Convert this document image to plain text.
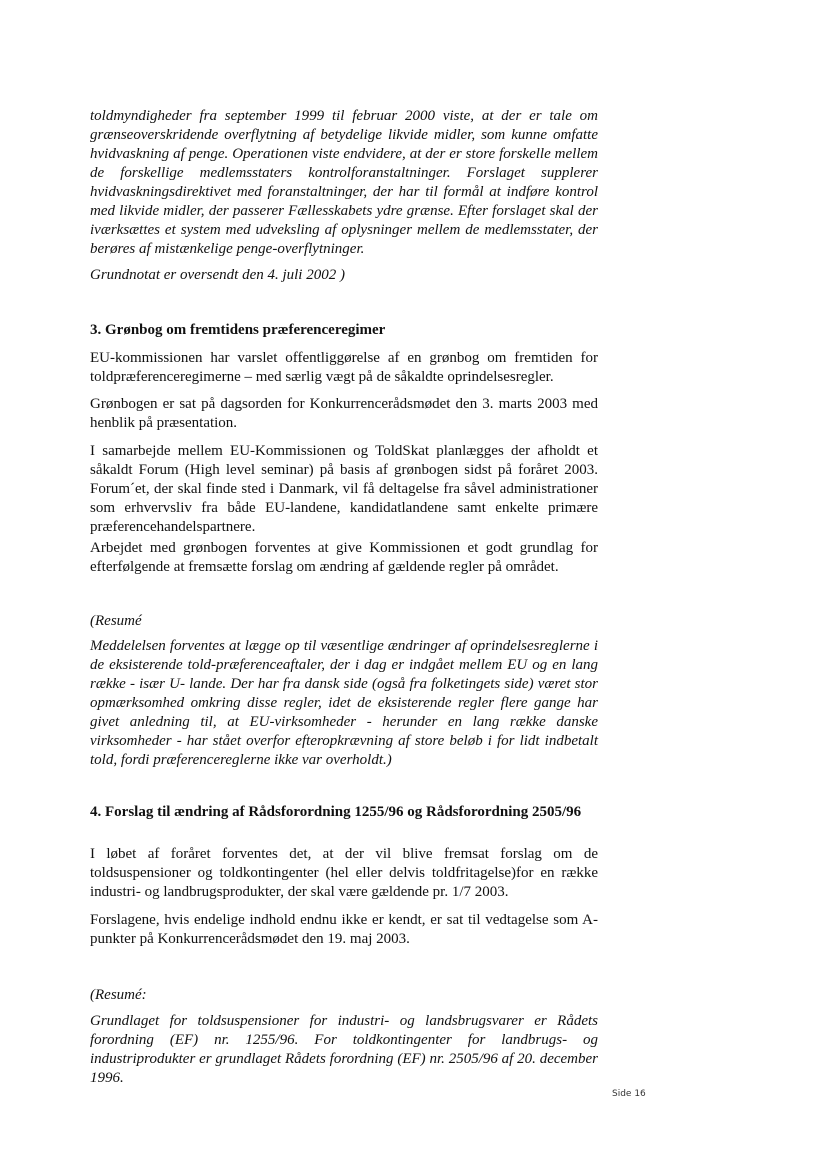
toldmyndigheder fra september 1999 til februar 2000 viste, at der er tale om grænseoverskridende overflytning af betydelige likvide midler, som kunne omfatte hvidvaskning af penge. Operationen viste endvidere, at der er store forskelle mellem de forskellige medlemsstaters kontrolforanstaltninger. Forslaget supplerer hvidvaskningsdirektivet med foranstaltninger, der har til formål at indføre kontrol med likvide midler, der passerer Fællesskabets ydre grænse. Efter forslaget skal der iværksættes et system med udveksling af oplysninger mellem de medlemsstater, der berøres af mistænkelige penge-overflytninger.

Grundnotat er oversendt den 4. juli 2002 )

3. Grønbog om fremtidens præferenceregimer

EU-kommissionen har varslet offentliggørelse af en grønbog om fremtiden for toldpræferenceregimerne – med særlig vægt på de såkaldte oprindelsesregler.

Grønbogen er sat på dagsorden for Konkurrencerådsmødet den 3. marts 2003 med henblik på præsentation.

I samarbejde mellem EU-Kommissionen og ToldSkat planlægges der afholdt et såkaldt Forum (High level seminar) på basis af grønbogen sidst på foråret 2003. Forum´et, der skal finde sted i Danmark, vil få deltagelse fra såvel administrationer som erhvervsliv fra både EU-landene, kandidatlandene samt enkelte primære præferencehandelspartnere.

Arbejdet med grønbogen forventes at give Kommissionen et godt grundlag for efterfølgende at fremsætte forslag om ændring af gældende regler på området.

(Resumé

Meddelelsen forventes at lægge op til væsentlige ændringer af oprindelsesreglerne i de eksisterende told-præferenceaftaler, der i dag er indgået mellem EU og en lang række - især U- lande. Der har fra dansk side (også fra folketingets side) været stor opmærksomhed omkring disse regler, idet de eksisterende regler flere gange har givet anledning til, at EU-virksomheder - herunder en lang række danske virksomheder - har stået overfor efteropkrævning af store beløb i for lidt indbetalt told, fordi præferencereglerne ikke var overholdt.)

4. Forslag til ændring af Rådsforordning 1255/96 og Rådsforordning 2505/96

I løbet af foråret forventes det, at der vil blive fremsat forslag om de toldsuspensioner og toldkontingenter (hel eller delvis toldfritagelse)for en række industri- og landbrugsprodukter, der skal være gældende pr. 1/7 2003.

Forslagene, hvis endelige indhold endnu ikke er kendt, er sat til vedtagelse som A-punkter på Konkurrencerådsmødet den 19. maj 2003.

(Resumé:

Grundlaget for toldsuspensioner for industri- og landsbrugsvarer er Rådets forordning (EF) nr. 1255/96. For toldkontingenter for landbrugs- og industriprodukter er grundlaget Rådets forordning (EF) nr. 2505/96 af 20. december 1996.

Side 16
